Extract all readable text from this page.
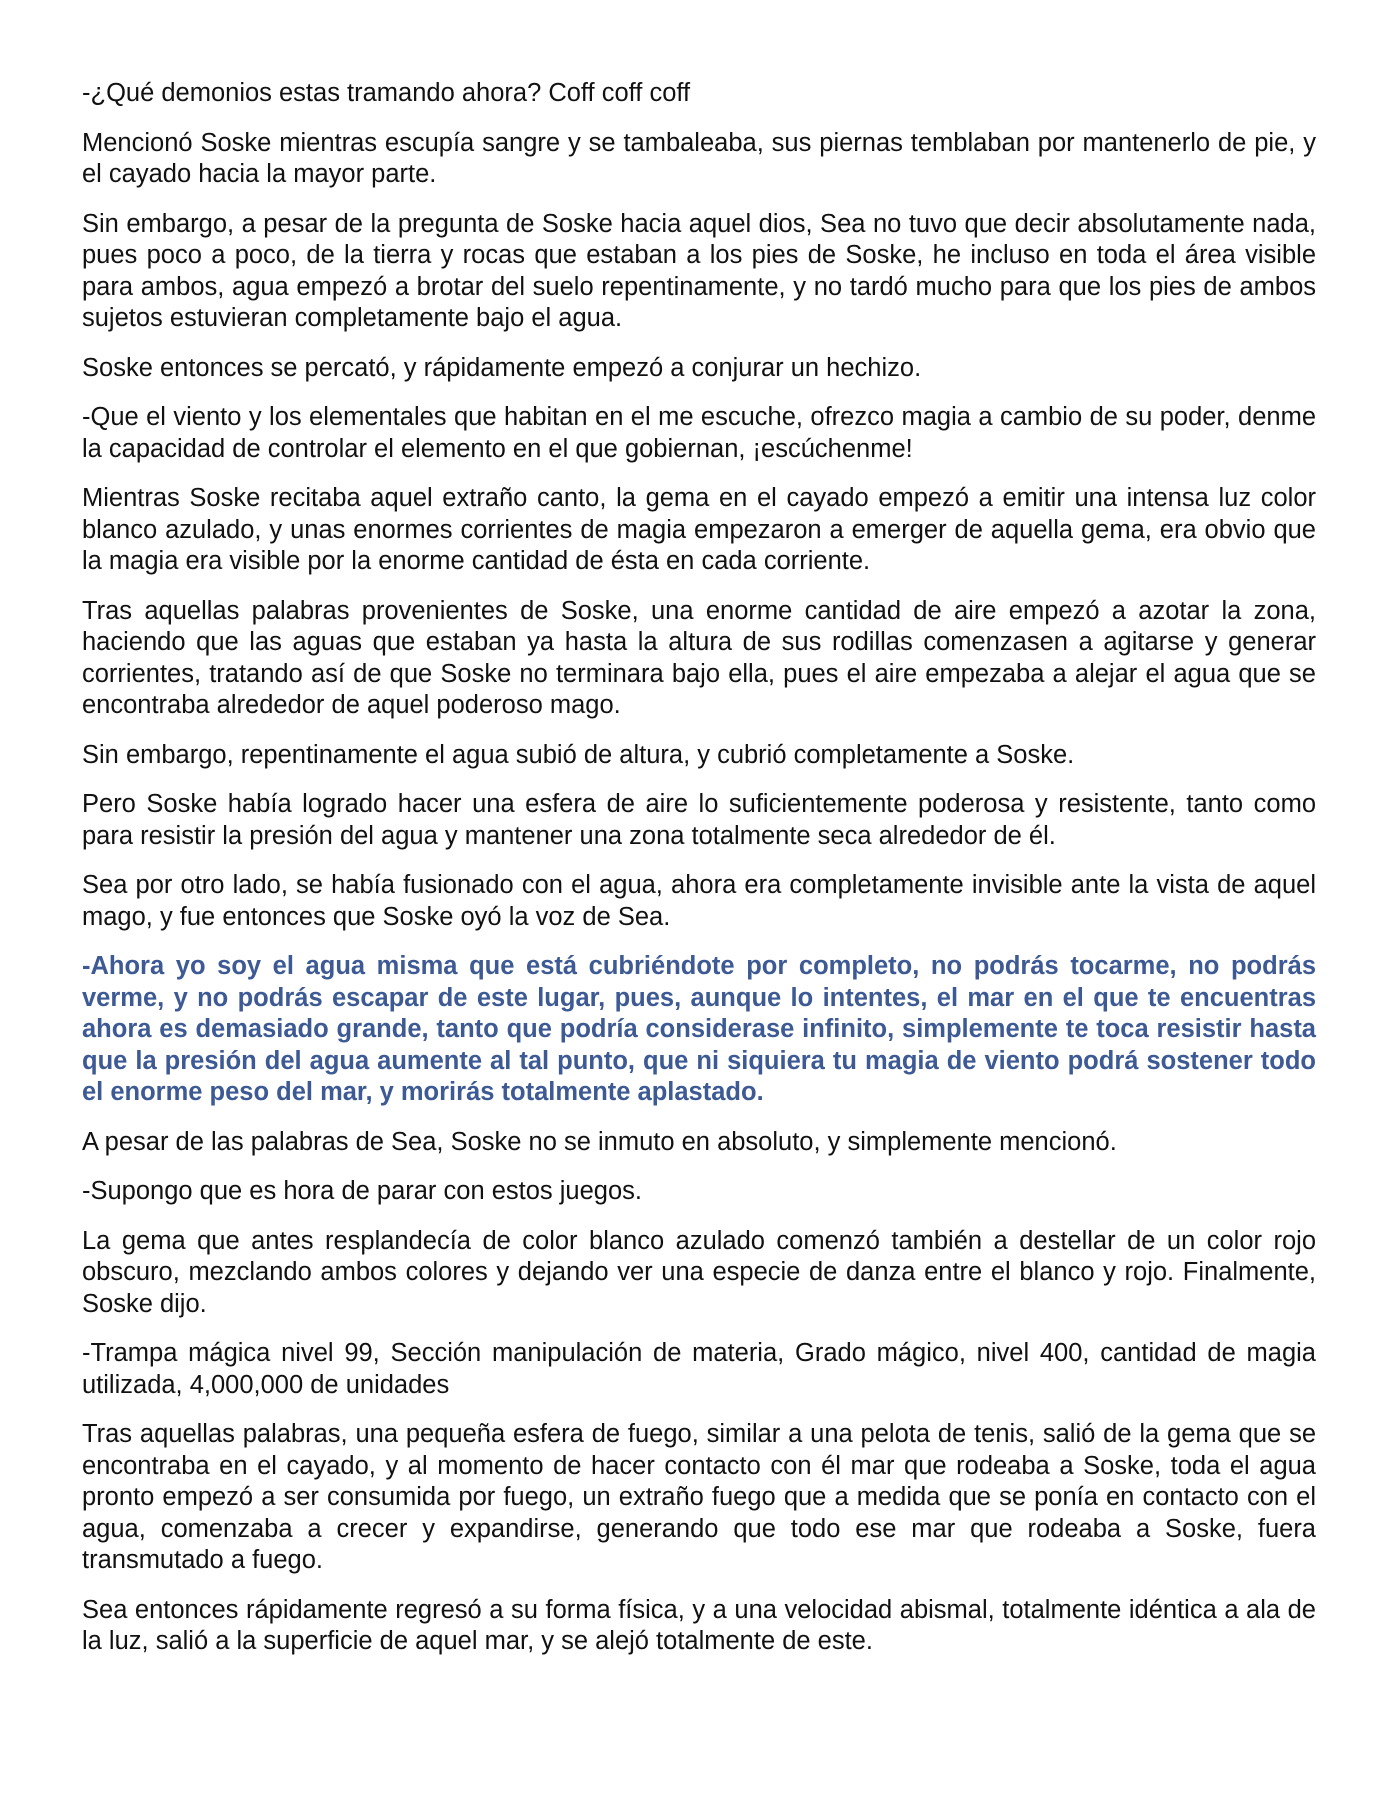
-¿Qué demonios estas tramando ahora? Coff coff coff

Mencionó Soske mientras escupía sangre y se tambaleaba, sus piernas temblaban por mantenerlo de pie, y el cayado hacia la mayor parte.

Sin embargo, a pesar de la pregunta de Soske hacia aquel dios, Sea no tuvo que decir absolutamente nada, pues poco a poco, de la tierra y rocas que estaban a los pies de Soske, he incluso en toda el área visible para ambos, agua empezó a brotar del suelo repentinamente, y no tardó mucho para que los pies de ambos sujetos estuvieran completamente bajo el agua.

Soske entonces se percató, y rápidamente empezó a conjurar un hechizo.

-Que el viento y los elementales que habitan en el me escuche, ofrezco magia a cambio de su poder, denme la capacidad de controlar el elemento en el que gobiernan, ¡escúchenme!

Mientras Soske recitaba aquel extraño canto, la gema en el cayado empezó a emitir una intensa luz color blanco azulado, y unas enormes corrientes de magia empezaron a emerger de aquella gema, era obvio que la magia era visible por la enorme cantidad de ésta en cada corriente.

Tras aquellas palabras provenientes de Soske, una enorme cantidad de aire empezó a azotar la zona, haciendo que las aguas que estaban ya hasta la altura de sus rodillas comenzasen a agitarse y generar corrientes, tratando así de que Soske no terminara bajo ella, pues el aire empezaba a alejar el agua que se encontraba alrededor de aquel poderoso mago.

Sin embargo, repentinamente el agua subió de altura, y cubrió completamente a Soske.

Pero Soske había logrado hacer una esfera de aire lo suficientemente poderosa y resistente, tanto como para resistir la presión del agua y mantener una zona totalmente seca alrededor de él.

Sea por otro lado, se había fusionado con el agua, ahora era completamente invisible ante la vista de aquel mago, y fue entonces que Soske oyó la voz de Sea.

-Ahora yo soy el agua misma que está cubriéndote por completo, no podrás tocarme, no podrás verme, y no podrás escapar de este lugar, pues, aunque lo intentes, el mar en el que te encuentras ahora es demasiado grande, tanto que podría considerase infinito, simplemente te toca resistir hasta que la presión del agua aumente al tal punto, que ni siquiera tu magia de viento podrá sostener todo el enorme peso del mar, y morirás totalmente aplastado.

A pesar de las palabras de Sea, Soske no se inmuto en absoluto, y simplemente mencionó.

-Supongo que es hora de parar con estos juegos.

La gema que antes resplandecía de color blanco azulado comenzó también a destellar de un color rojo obscuro, mezclando ambos colores y dejando ver una especie de danza entre el blanco y rojo. Finalmente, Soske dijo.

-Trampa mágica nivel 99, Sección manipulación de materia, Grado mágico, nivel 400, cantidad de magia utilizada, 4,000,000 de unidades

Tras aquellas palabras, una pequeña esfera de fuego, similar a una pelota de tenis, salió de la gema que se encontraba en el cayado, y al momento de hacer contacto con él mar que rodeaba a Soske, toda el agua pronto empezó a ser consumida por fuego, un extraño fuego que a medida que se ponía en contacto con el agua, comenzaba a crecer y expandirse, generando que todo ese mar que rodeaba a Soske, fuera transmutado a fuego.

Sea entonces rápidamente regresó a su forma física, y a una velocidad abismal, totalmente idéntica a ala de la luz, salió a la superficie de aquel mar, y se alejó totalmente de este.
